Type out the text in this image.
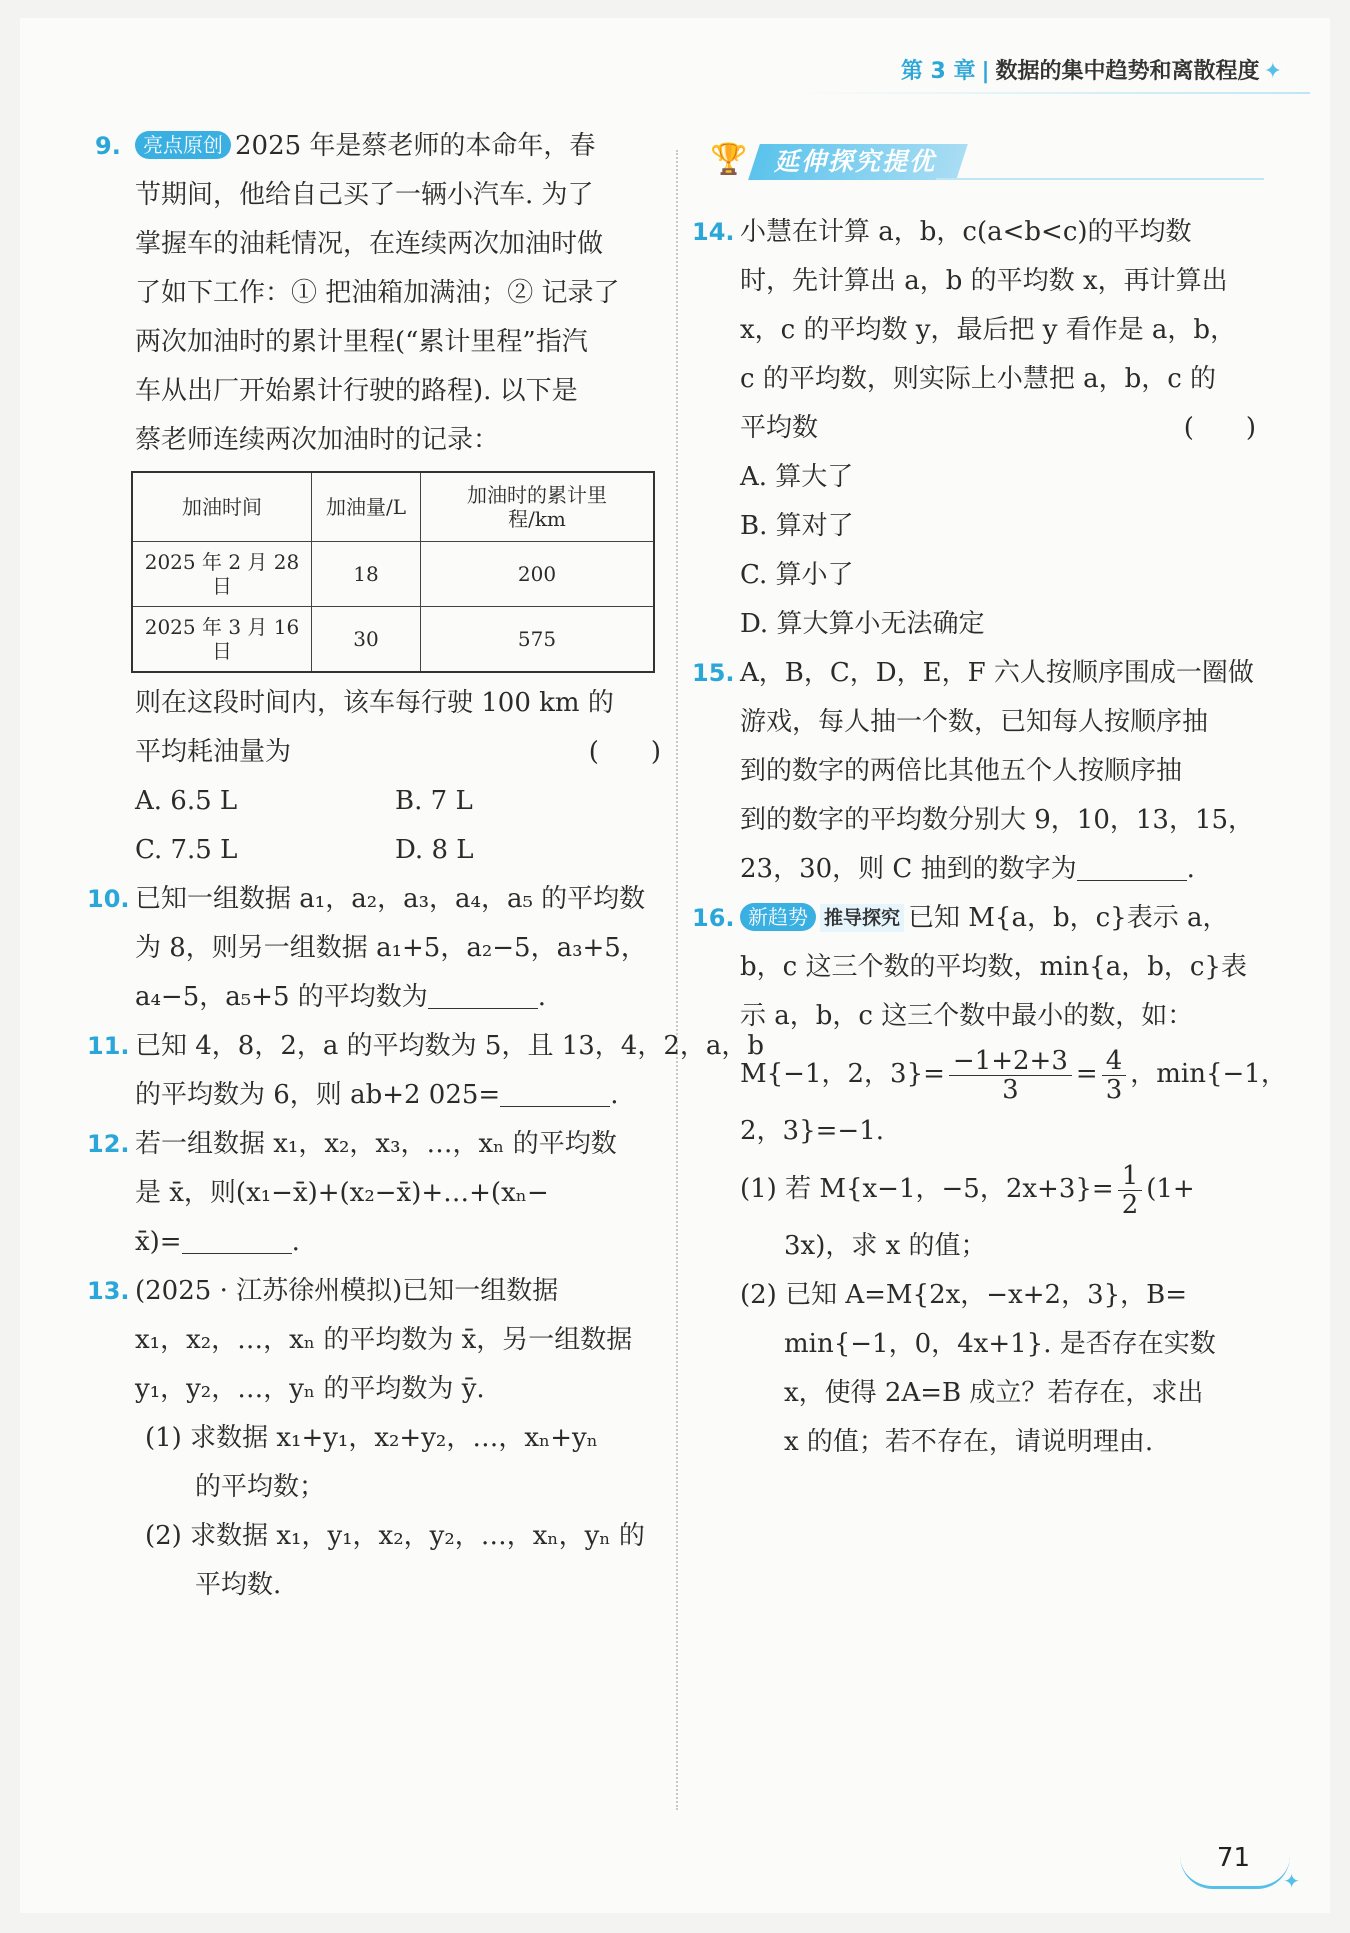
第 3 章 | 数据的集中趋势和离散程度 ✦
9.	亮点原创 2025 年是蔡老师的本命年，春
节期间，他给自己买了一辆小汽车. 为了
掌握车的油耗情况，在连续两次加油时做
了如下工作：① 把油箱加满油；② 记录了
两次加油时的累计里程(“累计里程”指汽
车从出厂开始累计行驶的路程). 以下是
蔡老师连续两次加油时的记录：
加油时间	加油量/L	加油时的累计里程/km
2025 年 2 月 28 日	18	200
2025 年 3 月 16 日	30	575
则在这段时间内，该车每行驶 100 km 的
平均耗油量为	(　　)
A. 6.5 L	B. 7 L
C. 7.5 L	D. 8 L
10. 已知一组数据 a₁，a₂，a₃，a₄，a₅ 的平均数
为 8，则另一组数据 a₁+5，a₂−5，a₃+5，
a₄−5，a₅+5 的平均数为	.
11. 已知 4，8，2，a 的平均数为 5，且 13，4，2，a，b
的平均数为 6，则 ab+2 025=	.
12. 若一组数据 x₁，x₂，x₃，…，xₙ 的平均数
是 x̄，则(x₁−x̄)+(x₂−x̄)+…+(xₙ−
x̄)=	.
13. (2025 · 江苏徐州模拟)已知一组数据
x₁，x₂，…，xₙ 的平均数为 x̄，另一组数据
y₁，y₂，…，yₙ 的平均数为 ȳ.
(1) 求数据 x₁+y₁，x₂+y₂，…，xₙ+yₙ
的平均数；
(2) 求数据 x₁，y₁，x₂，y₂，…，xₙ，yₙ 的
平均数.
🏆	延伸探究提优
14. 小慧在计算 a，b，c(a<b<c)的平均数
时，先计算出 a，b 的平均数 x，再计算出
x，c 的平均数 y，最后把 y 看作是 a，b，
c 的平均数，则实际上小慧把 a，b，c 的
平均数	(　　)
A. 算大了
B. 算对了
C. 算小了
D. 算大算小无法确定
15. A，B，C，D，E，F 六人按顺序围成一圈做
游戏，每人抽一个数，已知每人按顺序抽
到的数字的两倍比其他五个人按顺序抽
到的数字的平均数分别大 9，10，13，15，
23，30，则 C 抽到的数字为	.
16. 新趋势 推导探究 已知 M{a，b，c}表示 a，
b，c 这三个数的平均数，min{a，b，c}表
示 a，b，c 这三个数中最小的数，如：
M{−1，2，$3\}= \frac{-1+2+3}{3} = \frac{4}{3}$ ，min{−1，
2，3}=−1.
(1) 若 M{x−1，−5，$2x+3\}= \frac{1}{2} (1+$
3x)，求 x 的值；
(2) 已知 A=M{2x，−x+2，3}，B=
min{−1，0，4x+1}. 是否存在实数
x，使得 2A=B 成立？若存在，求出
x 的值；若不存在，请说明理由.
71
✦
